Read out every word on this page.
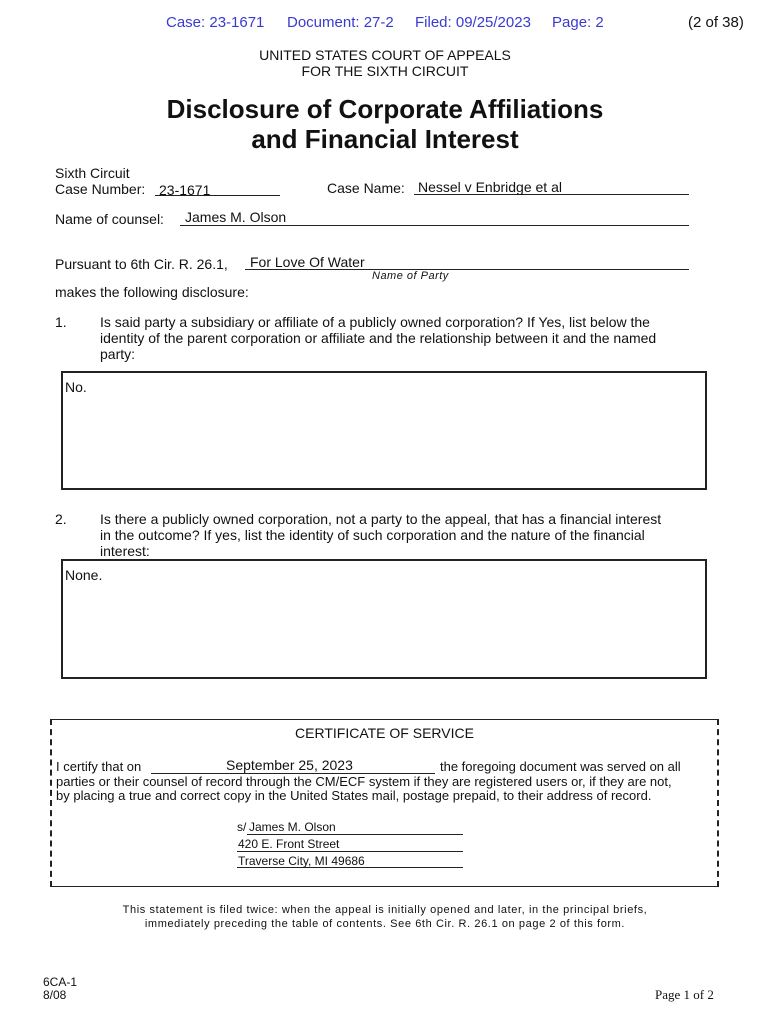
Case: 23-1671 Document: 27-2 Filed: 09/25/2023 Page: 2	(2 of 38)
UNITED STATES COURT OF APPEALS
FOR THE SIXTH CIRCUIT
Disclosure of Corporate Affiliations
and Financial Interest
Sixth Circuit
Case Number: 23-1671	Case Name: Nessel v Enbridge et al
Name of counsel: James M. Olson
Pursuant to 6th Cir. R. 26.1, For Love Of Water
Name of Party
makes the following disclosure:
1. Is said party a subsidiary or affiliate of a publicly owned corporation? If Yes, list below the
identity of the parent corporation or affiliate and the relationship between it and the named
party:
No.
2. Is there a publicly owned corporation, not a party to the appeal, that has a financial interest
in the outcome? If yes, list the identity of such corporation and the nature of the financial
interest:
None.
CERTIFICATE OF SERVICE
I certify that on	September 25, 2023	the foregoing document was served on all
parties or their counsel of record through the CM/ECF system if they are registered users or, if they are not,
by placing a true and correct copy in the United States mail, postage prepaid, to their address of record.
s/ James M. Olson
420 E. Front Street
Traverse City, MI 49686
This statement is filed twice: when the appeal is initially opened and later, in the principal briefs,
immediately preceding the table of contents. See 6th Cir. R. 26.1 on page 2 of this form.
6CA-1
8/08	Page 1 of 2
